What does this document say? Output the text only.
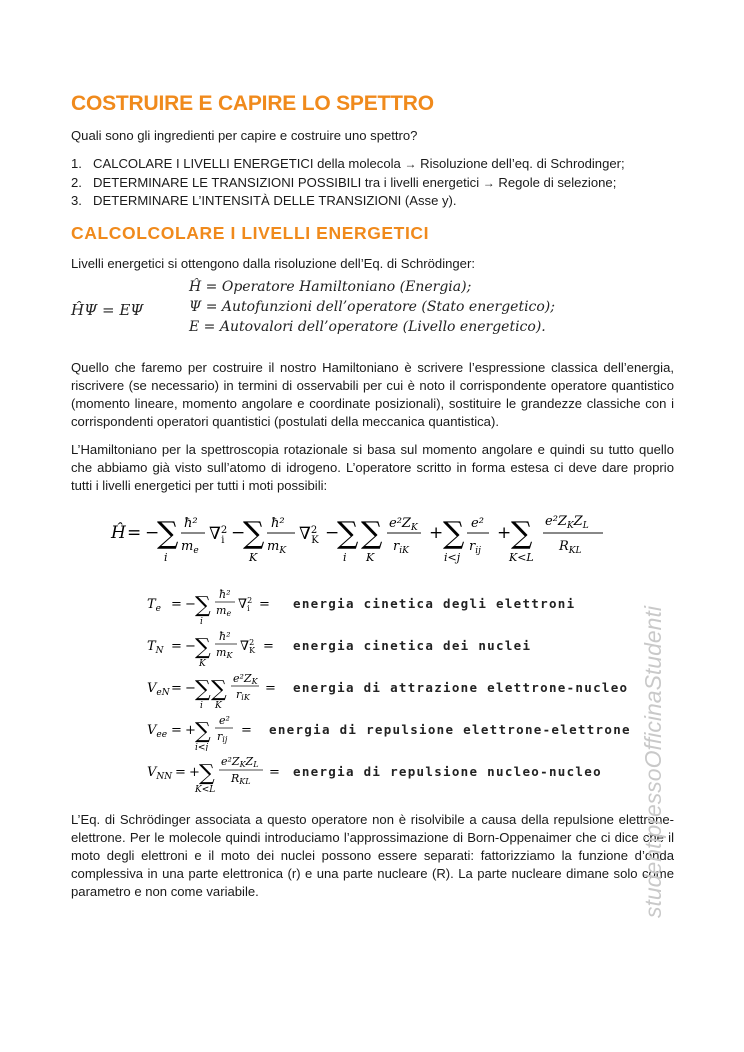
COSTRUIRE E CAPIRE LO SPETTRO

Quali sono gli ingredienti per capire e costruire uno spettro?

1. CALCOLARE I LIVELLI ENERGETICI della molecola → Risoluzione dell’eq. di Schrodinger;
2. DETERMINARE LE TRANSIZIONI POSSIBILI tra i livelli energetici → Regole di selezione;
3. DETERMINARE L’INTENSITÀ DELLE TRANSIZIONI (Asse y).
CALCOLCOLARE I LIVELLI ENERGETICI

Livelli energetici si ottengono dalla risoluzione dell’Eq. di Schrödinger:

ĤΨ = EΨ
Ĥ = Operatore Hamiltoniano (Energia);
Ψ = Autofunzioni dell’operatore (Stato energetico);
E = Autovalori dell’operatore (Livello energetico).

Quello che faremo per costruire il nostro Hamiltoniano è scrivere l’espressione classica dell’energia, riscrivere (se necessario) in termini di osservabili per cui è noto il corrispondente operatore quantistico (momento lineare, momento angolare e coordinate posizionali), sostituire le grandezze classiche con i corrispondenti operatori quantistici (postulati della meccanica quantistica).

L’Hamiltoniano per la spettroscopia rotazionale si basa sul momento angolare e quindi su tutto quello che abbiamo già visto sull’atomo di idrogeno. L’operatore scritto in forma estesa ci deve dare proprio tutti i livelli energetici per tutti i moti possibili:

Ĥ = −
∑
i
ħ²
$m_e$
∇$^2$ i −
∑
K
ħ²
$m_K$
∇$^2$ K −
∑
i
∑
K
$e^2Z_K$
$r_{iK}$
+ ∑
i<j
e²
$r_{ij}$
+ ∑
K<L
$e^2Z_KZ_L$
$R_{KL}$
$T_e$ = − ∑
i
ħ²
me
∇$^2$ i = energia cinetica degli elettroni
$T_N$ = − ∑
K
ħ²
mK
∇$^2$ K = energia cinetica dei nuclei
$V_{eN}$ = − ∑
i
∑
K
e²ZK
riK
= energia di attrazione elettrone-nucleo
$V_{ee}$ = + ∑
i<j
e²
rij
= energia di repulsione elettrone-elettrone
$V_{NN}$ = + ∑
K<L
e²ZKZL
RKL
= energia di repulsione nucleo-nucleo

L’Eq. di Schrödinger associata a questo operatore non è risolvibile a causa della repulsione elettrone-elettrone. Per le molecole quindi introduciamo l’approssimazione di Born-Oppenaimer che ci dice che il moto degli elettroni e il moto dei nuclei possono essere separati: fattorizziamo la funzione d’onda complessiva in una parte elettronica (r) e una parte nucleare (R). La parte nucleare dimane solo come parametro e non come variabile.	studentipressoOfficinaStudenti
